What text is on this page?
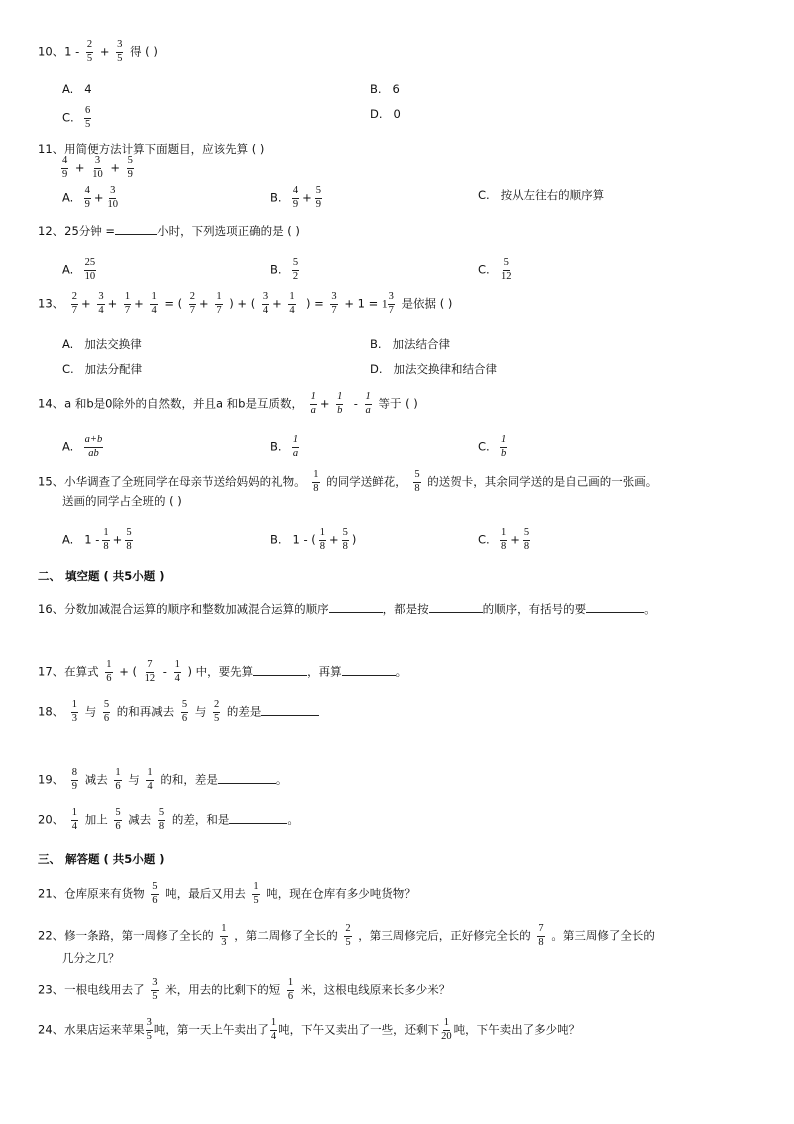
10、$1 - \frac{2}{5} + \frac{3}{5}$ 得 ( )
A. 4	B. 6
C. $\frac{6}{5}$	D. 0
11、用简便方法计算下面题目，应该先算 ( )
$\frac{4}{9} + \frac{3}{10} + \frac{5}{9}$
A. $\frac{4}{9} + \frac{3}{10}$	B. $\frac{4}{9} + \frac{5}{9}$	C. 按从左往右的顺序算
12、25分钟 =	小时，下列选项正确的是 ( )
A. $\frac{25}{10}$	B. $\frac{5}{2}$	C. $\frac{5}{12}$
13、 $\frac{2}{7} + \frac{3}{4} + \frac{1}{7} + \frac{1}{4}$ = ( $\frac{2}{7} + \frac{1}{7}$ ) + ( $\frac{3}{4} + \frac{1}{4}$ ) = $\frac{3}{7} + 1 = 1 \frac{3}{7}$ 是依据 ( )
A. 加法交换律	B. 加法结合律
C. 加法分配律	D. 加法交换律和结合律
14、a 和b是0除外的自然数，并且a 和b是互质数， $\frac{1}{a} + \frac{1}{b} - \frac{1}{a}$ 等于 ( )
A. $\frac{a+b}{ab}$	B. $\frac{1}{a}$	C. $\frac{1}{b}$
15、小华调查了全班同学在母亲节送给妈妈的礼物。 $\frac{1}{8}$ 的同学送鲜花， $\frac{5}{8}$ 的送贺卡，其余同学送的是自己画的一张画。
送画的同学占全班的 ( )
A. $1 - \frac{1}{8} + \frac{5}{8}$	B. 1 - ( $\frac{1}{8} + \frac{5}{8}$ )	C. $\frac{1}{8} + \frac{5}{8}$
二、 填空题 ( 共5小题 )
16、分数加减混合运算的顺序和整数加减混合运算的顺序	，都是按	的顺序，有括号的要	。
17、在算式 $\frac{1}{6}$ + ( $\frac{7}{12} - \frac{1}{4}$ ) 中，要先算	，再算	。
18、 $\frac{1}{3}$ 与 $\frac{5}{6}$ 的和再减去 $\frac{5}{6}$ 与 $\frac{2}{5}$ 的差是
19、 $\frac{8}{9}$ 减去 $\frac{1}{6}$ 与 $\frac{1}{4}$ 的和，差是	。
20、 $\frac{1}{4}$ 加上 $\frac{5}{6}$ 减去 $\frac{5}{8}$ 的差，和是	。
三、 解答题 ( 共5小题 )
21、仓库原来有货物 $\frac{5}{6}$ 吨，最后又用去 $\frac{1}{5}$ 吨，现在仓库有多少吨货物？
22、修一条路，第一周修了全长的 $\frac{1}{3}$ ，第二周修了全长的 $\frac{2}{5}$ ，第三周修完后，正好修完全长的 $\frac{7}{8}$ 。第三周修了全长的
几分之几？
23、一根电线用去了 $\frac{3}{5}$ 米，用去的比剩下的短 $\frac{1}{6}$ 米，这根电线原来长多少米？
24、水果店运来苹果 $\frac{3}{5}$ 吨，第一天上午卖出了 $\frac{1}{4}$ 吨，下午又卖出了一些，还剩下 $\frac{1}{20}$ 吨，下午卖出了多少吨？
